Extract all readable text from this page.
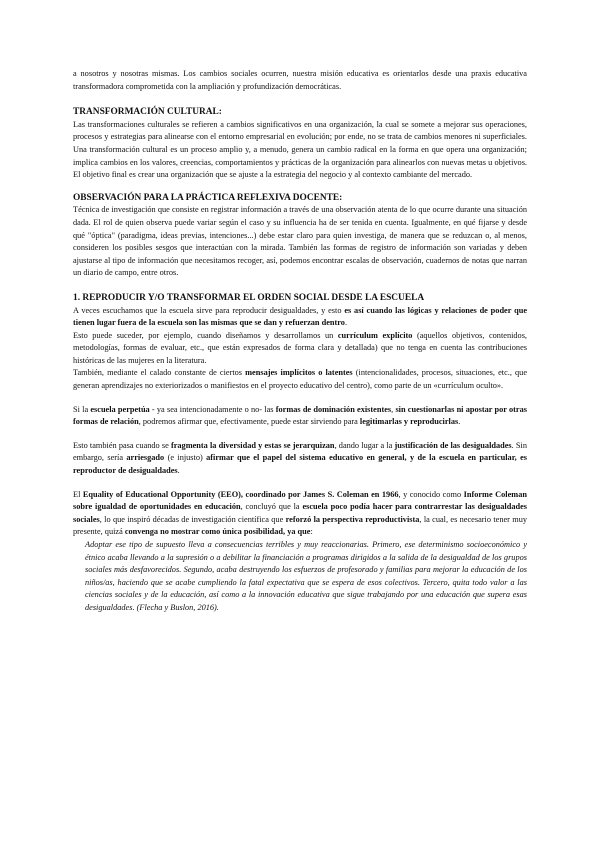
a nosotros y nosotras mismas. Los cambios sociales ocurren, nuestra misión educativa es orientarlos desde una praxis educativa transformadora comprometida con la ampliación y profundización democráticas.

TRANSFORMACIÓN CULTURAL:

Las transformaciones culturales se refieren a cambios significativos en una organización, la cual se somete a mejorar sus operaciones, procesos y estrategias para alinearse con el entorno empresarial en evolución; por ende, no se trata de cambios menores ni superficiales. Una transformación cultural es un proceso amplio y, a menudo, genera un cambio radical en la forma en que opera una organización; implica cambios en los valores, creencias, comportamientos y prácticas de la organización para alinearlos con nuevas metas u objetivos. El objetivo final es crear una organización que se ajuste a la estrategia del negocio y al contexto cambiante del mercado.

OBSERVACIÓN PARA LA PRÁCTICA REFLEXIVA DOCENTE:

Técnica de investigación que consiste en registrar información a través de una observación atenta de lo que ocurre durante una situación dada. El rol de quien observa puede variar según el caso y su influencia ha de ser tenida en cuenta. Igualmente, en qué fijarse y desde qué "óptica" (paradigma, ideas previas, intenciones...) debe estar claro para quien investiga, de manera que se reduzcan o, al menos, consideren los posibles sesgos que interactúan con la mirada. También las formas de registro de información son variadas y deben ajustarse al tipo de información que necesitamos recoger, así, podemos encontrar escalas de observación, cuadernos de notas que narran un diario de campo, entre otros.

1. REPRODUCIR Y/O TRANSFORMAR EL ORDEN SOCIAL DESDE LA ESCUELA

A veces escuchamos que la escuela sirve para reproducir desigualdades, y esto es así cuando las lógicas y relaciones de poder que tienen lugar fuera de la escuela son las mismas que se dan y refuerzan dentro.

Esto puede suceder, por ejemplo, cuando diseñamos y desarrollamos un currículum explícito (aquellos objetivos, contenidos, metodologías, formas de evaluar, etc., que están expresados de forma clara y detallada) que no tenga en cuenta las contribuciones históricas de las mujeres en la literatura.

También, mediante el calado constante de ciertos mensajes implícitos o latentes (intencionalidades, procesos, situaciones, etc., que generan aprendizajes no exteriorizados o manifiestos en el proyecto educativo del centro), como parte de un «currículum oculto».

Si la escuela perpetúa - ya sea intencionadamente o no- las formas de dominación existentes, sin cuestionarlas ni apostar por otras formas de relación, podremos afirmar que, efectivamente, puede estar sirviendo para legitimarlas y reproducirlas.

Esto también pasa cuando se fragmenta la diversidad y estas se jerarquizan, dando lugar a la justificación de las desigualdades. Sin embargo, sería arriesgado (e injusto) afirmar que el papel del sistema educativo en general, y de la escuela en particular, es reproductor de desigualdades.

El Equality of Educational Opportunity (EEO), coordinado por James S. Coleman en 1966, y conocido como Informe Coleman sobre igualdad de oportunidades en educación, concluyó que la escuela poco podía hacer para contrarrestar las desigualdades sociales, lo que inspiró décadas de investigación científica que reforzó la perspectiva reproductivista, la cual, es necesario tener muy presente, quizá convenga no mostrar como única posibilidad, ya que:

Adoptar ese tipo de supuesto lleva a consecuencias terribles y muy reaccionarias. Primero, ese determinismo socioeconómico y étnico acaba llevando a la supresión o a debilitar la financiación a programas dirigidos a la salida de la desigualdad de los grupos sociales más desfavorecidos. Segundo, acaba destruyendo los esfuerzos de profesorado y familias para mejorar la educación de los niños/as, haciendo que se acabe cumpliendo la fatal expectativa que se espera de esos colectivos. Tercero, quita todo valor a las ciencias sociales y de la educación, así como a la innovación educativa que sigue trabajando por una educación que supera esas desigualdades. (Flecha y Buslon, 2016).
